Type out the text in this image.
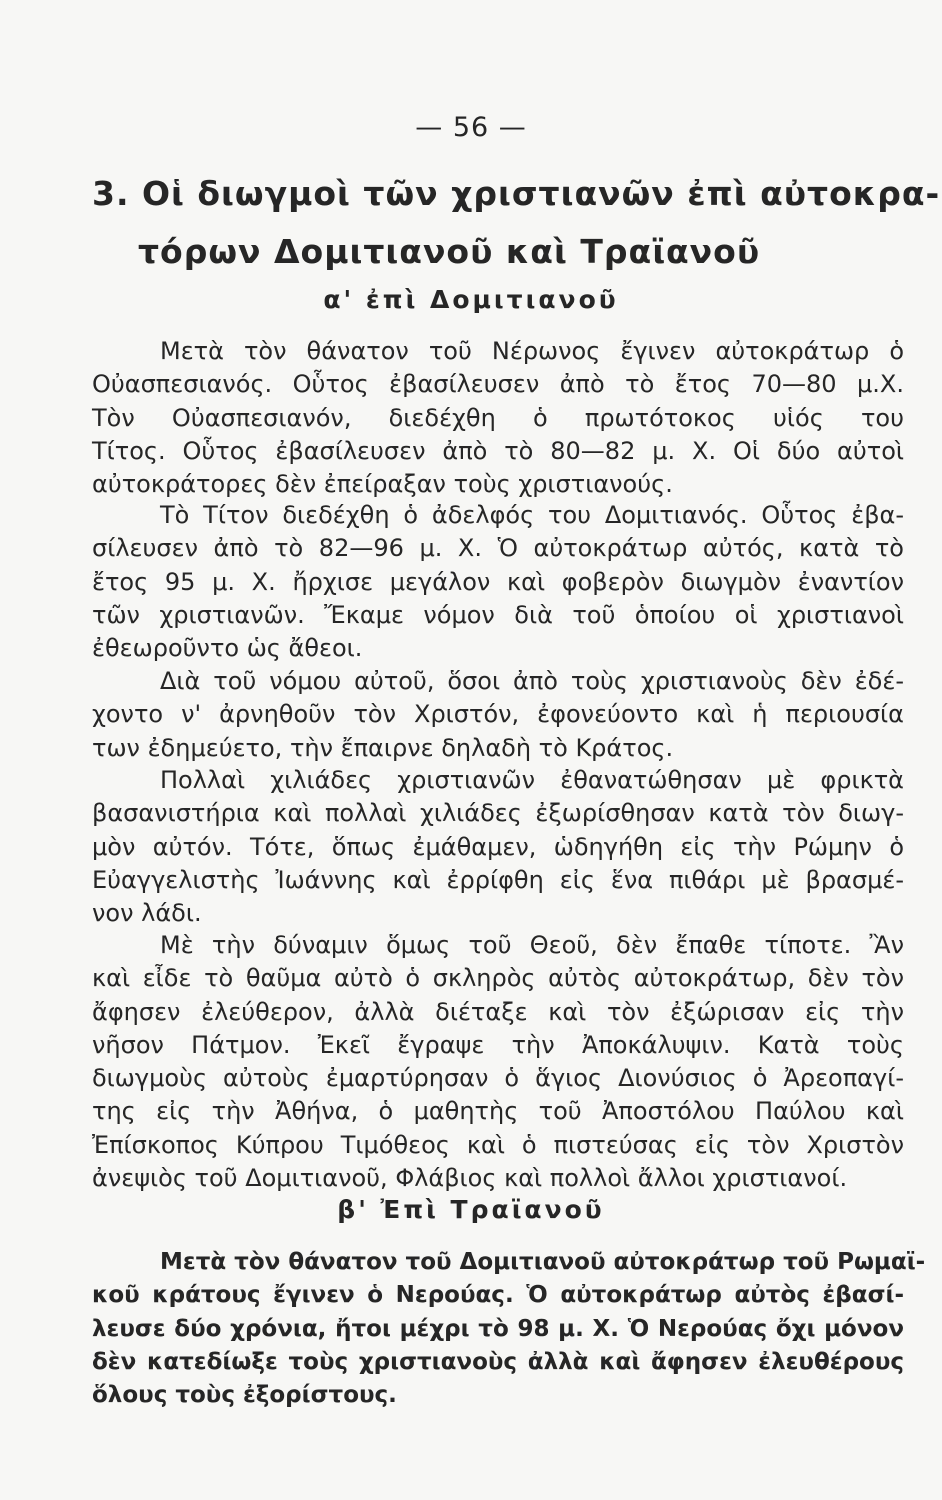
— 56 —
3. Οἱ διωγμοὶ τῶν χριστιανῶν ἐπὶ αὐτοκρα-
τόρων Δομιτιανοῦ καὶ Τραϊανοῦ
α' ἐπὶ Δομιτιανοῦ
Μετὰ τὸν θάνατον τοῦ Νέρωνος ἔγινεν αὐτοκράτωρ ὁ
Οὐασπεσιανός. Οὗτος ἐβασίλευσεν ἀπὸ τὸ ἔτος 70—80 μ.Χ.
Τὸν Οὐασπεσιανόν, διεδέχθη ὁ πρωτότοκος υἱός του
Τίτος. Οὗτος ἐβασίλευσεν ἀπὸ τὸ 80—82 μ. Χ. Οἱ δύο αὐτοὶ
αὐτοκράτορες δὲν ἐπείραξαν τοὺς χριστιανούς.
Τὸ Τίτον διεδέχθη ὁ ἀδελφός του Δομιτιανός. Οὗτος ἐβα-
σίλευσεν ἀπὸ τὸ 82—96 μ. Χ. Ὁ αὐτοκράτωρ αὐτός, κατὰ τὸ
ἔτος 95 μ. Χ. ἤρχισε μεγάλον καὶ φοβερὸν διωγμὸν ἐναντίον
τῶν χριστιανῶν. Ἔκαμε νόμον διὰ τοῦ ὁποίου οἱ χριστιανοὶ
ἐθεωροῦντο ὡς ἄθεοι.
Διὰ τοῦ νόμου αὐτοῦ, ὅσοι ἀπὸ τοὺς χριστιανοὺς δὲν ἐδέ-
χοντο ν' ἀρνηθοῦν τὸν Χριστόν, ἐφονεύοντο καὶ ἡ περιουσία
των ἐδημεύετο, τὴν ἔπαιρνε δηλαδὴ τὸ Κράτος.
Πολλαὶ χιλιάδες χριστιανῶν ἐθανατώθησαν μὲ φρικτὰ
βασανιστήρια καὶ πολλαὶ χιλιάδες ἐξωρίσθησαν κατὰ τὸν διωγ-
μὸν αὐτόν. Τότε, ὅπως ἐμάθαμεν, ὡδηγήθη εἰς τὴν Ρώμην ὁ
Εὐαγγελιστὴς Ἰωάννης καὶ ἐρρίφθη εἰς ἕνα πιθάρι μὲ βρασμέ-
νον λάδι.
Μὲ τὴν δύναμιν ὅμως τοῦ Θεοῦ, δὲν ἔπαθε τίποτε. Ἂν
καὶ εἶδε τὸ θαῦμα αὐτὸ ὁ σκληρὸς αὐτὸς αὐτοκράτωρ, δὲν τὸν
ἄφησεν ἐλεύθερον, ἀλλὰ διέταξε καὶ τὸν ἐξώρισαν εἰς τὴν
νῆσον Πάτμον. Ἐκεῖ ἔγραψε τὴν Ἀποκάλυψιν. Κατὰ τοὺς
διωγμοὺς αὐτοὺς ἐμαρτύρησαν ὁ ἅγιος Διονύσιος ὁ Ἀρεοπαγί-
της εἰς τὴν Ἀθήνα, ὁ μαθητὴς τοῦ Ἀποστόλου Παύλου καὶ
Ἐπίσκοπος Κύπρου Τιμόθεος καὶ ὁ πιστεύσας εἰς τὸν Χριστὸν
ἀνεψιὸς τοῦ Δομιτιανοῦ, Φλάβιος καὶ πολλοὶ ἄλλοι χριστιανοί.
β' Ἐπὶ Τραϊανοῦ
Μετὰ τὸν θάνατον τοῦ Δομιτιανοῦ αὐτοκράτωρ τοῦ Ρωμαϊ-
κοῦ κράτους ἔγινεν ὁ Νερούας. Ὁ αὐτοκράτωρ αὐτὸς ἐβασί-
λευσε δύο χρόνια, ἤτοι μέχρι τὸ 98 μ. Χ. Ὁ Νερούας ὄχι μόνον
δὲν κατεδίωξε τοὺς χριστιανοὺς ἀλλὰ καὶ ἄφησεν ἐλευθέρους
ὅλους τοὺς ἐξορίστους.
